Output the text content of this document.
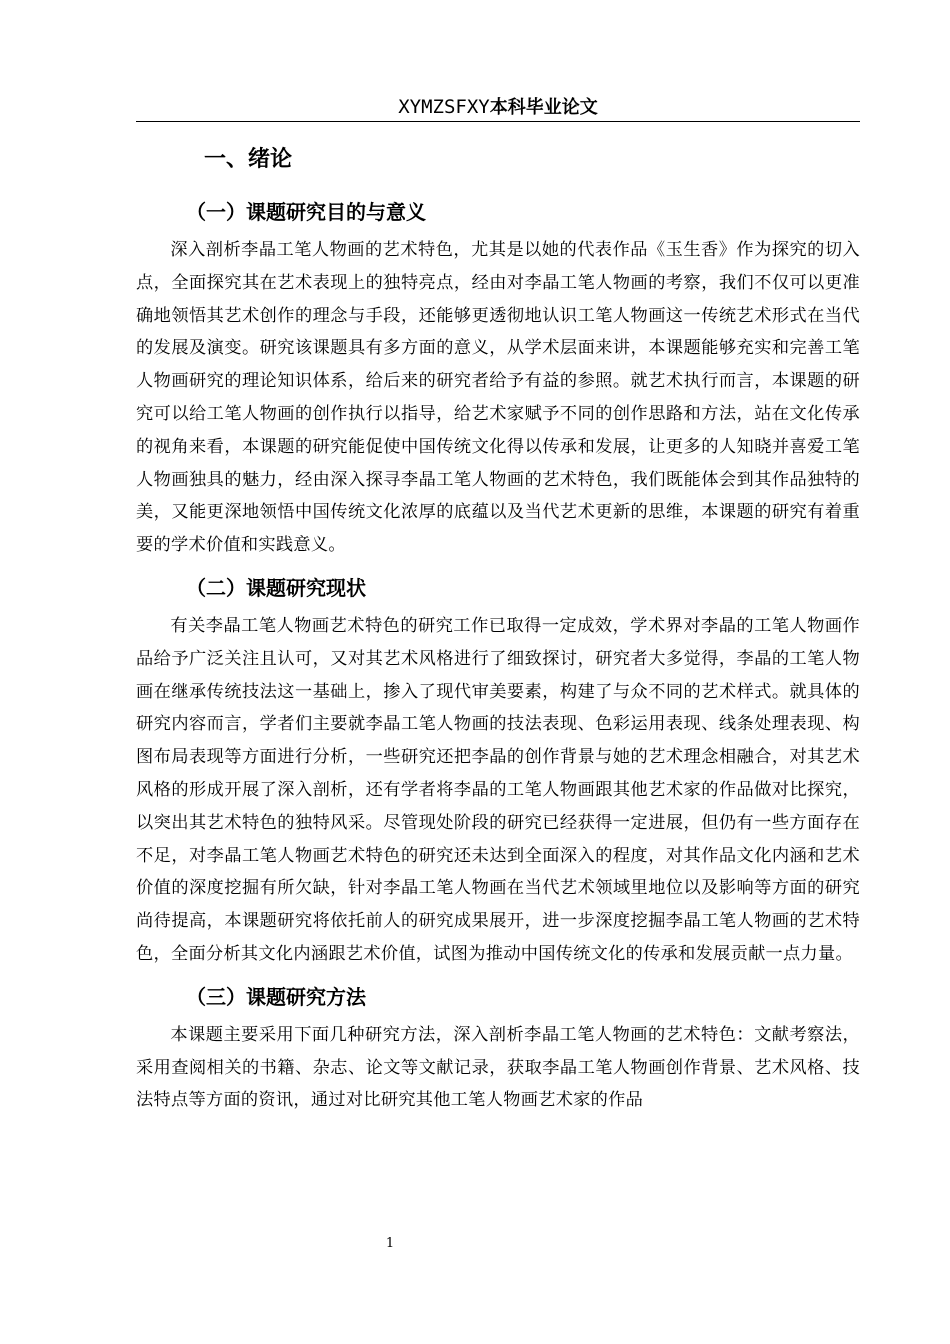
XYMZSFXY本科毕业论文
一、绪论
（一）课题研究目的与意义

深入剖析李晶工笔人物画的艺术特色，尤其是以她的代表作品《玉生香》作为探究的切入点，全面探究其在艺术表现上的独特亮点，经由对李晶工笔人物画的考察，我们不仅可以更准确地领悟其艺术创作的理念与手段，还能够更透彻地认识工笔人物画这一传统艺术形式在当代的发展及演变。研究该课题具有多方面的意义，从学术层面来讲，本课题能够充实和完善工笔人物画研究的理论知识体系，给后来的研究者给予有益的参照。就艺术执行而言，本课题的研究可以给工笔人物画的创作执行以指导，给艺术家赋予不同的创作思路和方法，站在文化传承的视角来看，本课题的研究能促使中国传统文化得以传承和发展，让更多的人知晓并喜爱工笔人物画独具的魅力，经由深入探寻李晶工笔人物画的艺术特色，我们既能体会到其作品独特的美，又能更深地领悟中国传统文化浓厚的底蕴以及当代艺术更新的思维，本课题的研究有着重要的学术价值和实践意义。

（二）课题研究现状

有关李晶工笔人物画艺术特色的研究工作已取得一定成效，学术界对李晶的工笔人物画作品给予广泛关注且认可，又对其艺术风格进行了细致探讨，研究者大多觉得，李晶的工笔人物画在继承传统技法这一基础上，掺入了现代审美要素，构建了与众不同的艺术样式。就具体的研究内容而言，学者们主要就李晶工笔人物画的技法表现、色彩运用表现、线条处理表现、构图布局表现等方面进行分析，一些研究还把李晶的创作背景与她的艺术理念相融合，对其艺术风格的形成开展了深入剖析，还有学者将李晶的工笔人物画跟其他艺术家的作品做对比探究，以突出其艺术特色的独特风采。尽管现处阶段的研究已经获得一定进展，但仍有一些方面存在不足，对李晶工笔人物画艺术特色的研究还未达到全面深入的程度，对其作品文化内涵和艺术价值的深度挖掘有所欠缺，针对李晶工笔人物画在当代艺术领域里地位以及影响等方面的研究尚待提高，本课题研究将依托前人的研究成果展开，进一步深度挖掘李晶工笔人物画的艺术特色，全面分析其文化内涵跟艺术价值，试图为推动中国传统文化的传承和发展贡献一点力量。

（三）课题研究方法

本课题主要采用下面几种研究方法，深入剖析李晶工笔人物画的艺术特色：文献考察法，采用查阅相关的书籍、杂志、论文等文献记录，获取李晶工笔人物画创作背景、艺术风格、技法特点等方面的资讯，通过对比研究其他工笔人物画艺术家的作品

1
